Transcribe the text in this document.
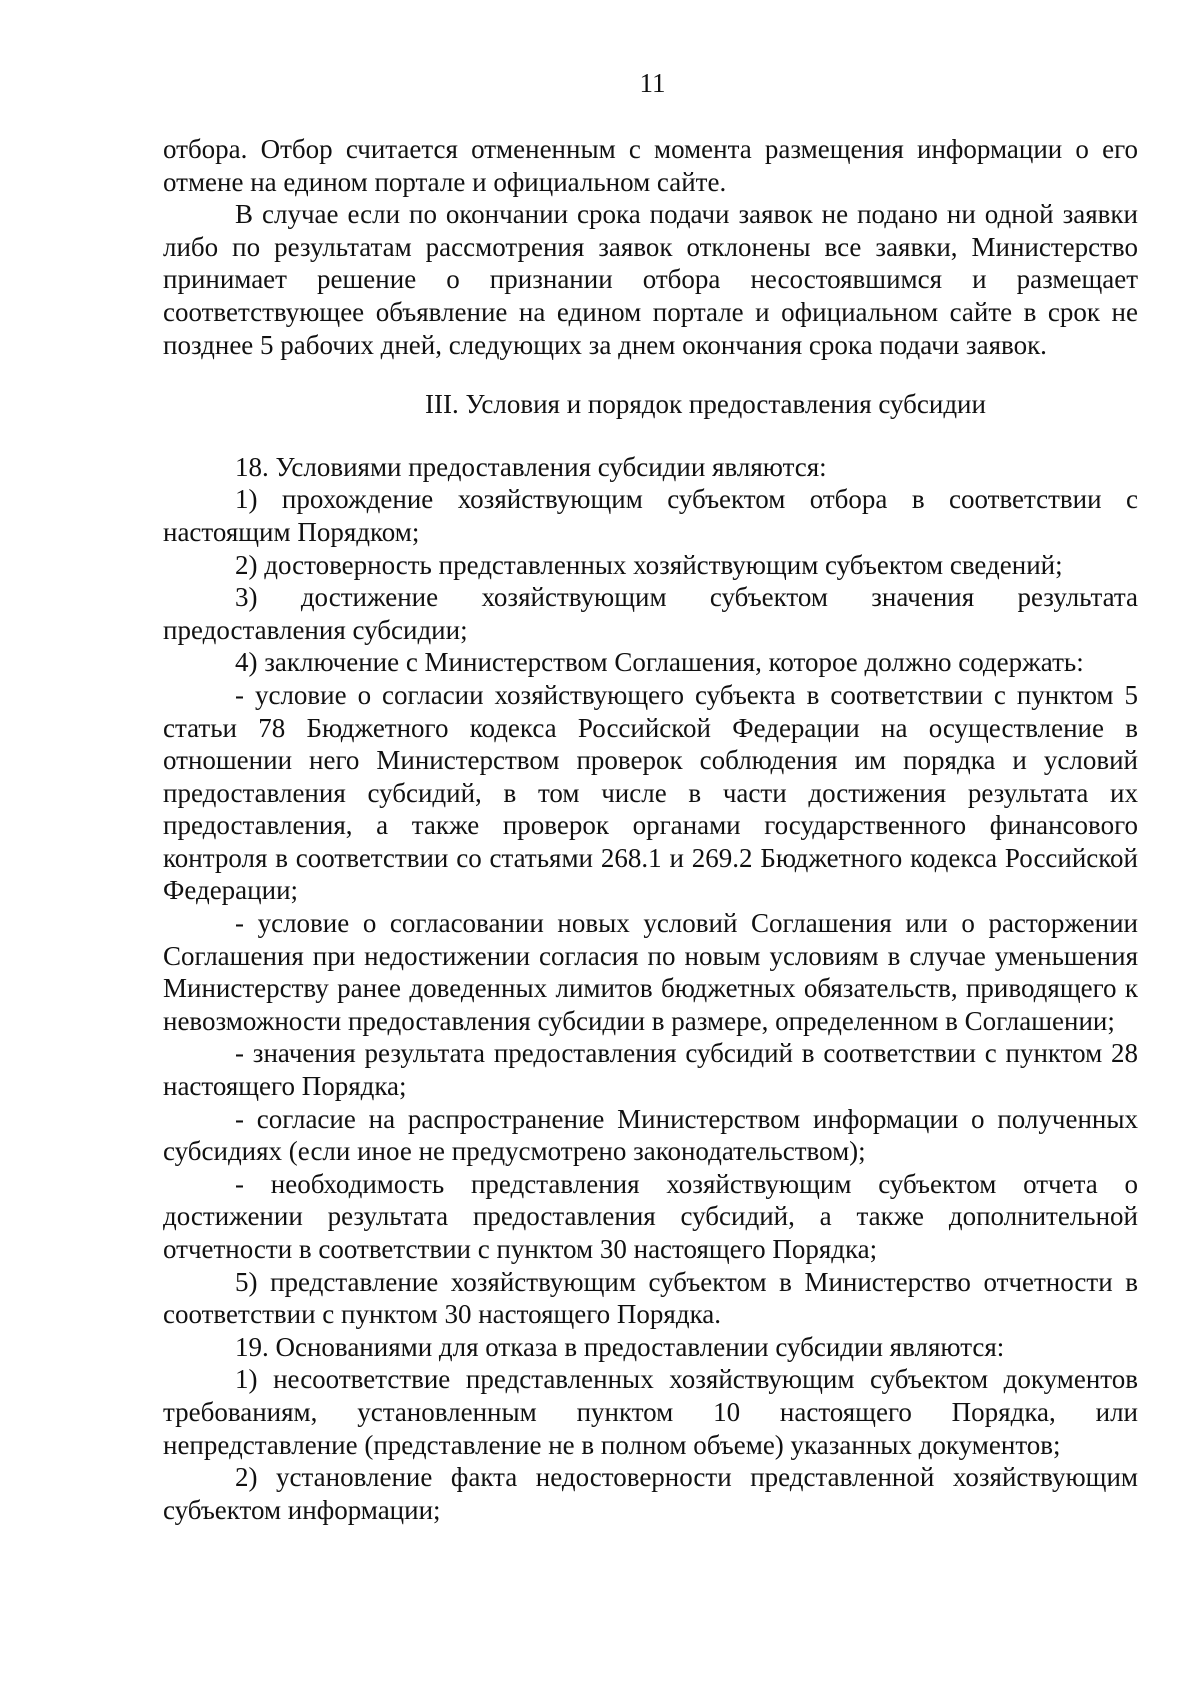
11

отбора. Отбор считается отмененным с момента размещения информации о его отмене на едином портале и официальном сайте.

В случае если по окончании срока подачи заявок не подано ни одной заявки либо по результатам рассмотрения заявок отклонены все заявки, Министерство принимает решение о признании отбора несостоявшимся и размещает соответствующее объявление на едином портале и официальном сайте в срок не позднее 5 рабочих дней, следующих за днем окончания срока подачи заявок.

III. Условия и порядок предоставления субсидии

18. Условиями предоставления субсидии являются:

1) прохождение хозяйствующим субъектом отбора в соответствии с настоящим Порядком;

2) достоверность представленных хозяйствующим субъектом сведений;

3) достижение хозяйствующим субъектом значения результата предоставления субсидии;

4) заключение с Министерством Соглашения, которое должно содержать:

- условие о согласии хозяйствующего субъекта в соответствии с пунктом 5 статьи 78 Бюджетного кодекса Российской Федерации на осуществление в отношении него Министерством проверок соблюдения им порядка и условий предоставления субсидий, в том числе в части достижения результата их предоставления, а также проверок органами государственного финансового контроля в соответствии со статьями 268.1 и 269.2 Бюджетного кодекса Российской Федерации;

- условие о согласовании новых условий Соглашения или о расторжении Соглашения при недостижении согласия по новым условиям в случае уменьшения Министерству ранее доведенных лимитов бюджетных обязательств, приводящего к невозможности предоставления субсидии в размере, определенном в Соглашении;

- значения результата предоставления субсидий в соответствии с пунктом 28 настоящего Порядка;

- согласие на распространение Министерством информации о полученных субсидиях (если иное не предусмотрено законодательством);

- необходимость представления хозяйствующим субъектом отчета о достижении результата предоставления субсидий, а также дополнительной отчетности в соответствии с пунктом 30 настоящего Порядка;

5) представление хозяйствующим субъектом в Министерство отчетности в соответствии с пунктом 30 настоящего Порядка.

19. Основаниями для отказа в предоставлении субсидии являются:

1) несоответствие представленных хозяйствующим субъектом документов требованиям, установленным пунктом 10 настоящего Порядка, или непредставление (представление не в полном объеме) указанных документов;

2) установление факта недостоверности представленной хозяйствующим субъектом информации;
